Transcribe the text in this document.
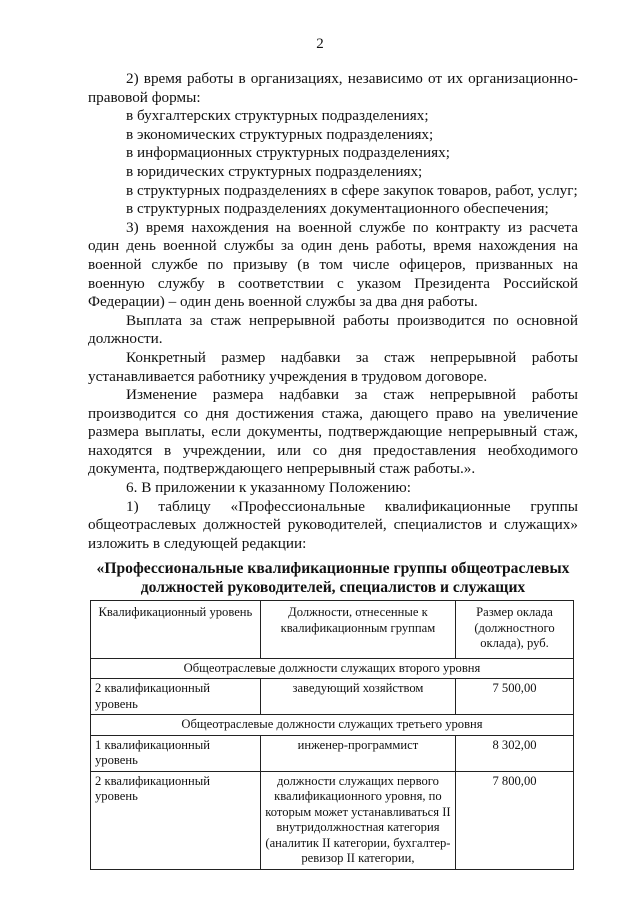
2

2) время работы в организациях, независимо от их организационно-правовой формы:

в бухгалтерских структурных подразделениях;

в экономических структурных подразделениях;

в информационных структурных подразделениях;

в юридических структурных подразделениях;

в структурных подразделениях в сфере закупок товаров, работ, услуг;

в структурных подразделениях документационного обеспечения;

3) время нахождения на военной службе по контракту из расчета один день военной службы за один день работы, время нахождения на военной службе по призыву (в том числе офицеров, призванных на военную службу в соответствии с указом Президента Российской Федерации) – один день военной службы за два дня работы.

Выплата за стаж непрерывной работы производится по основной должности.

Конкретный размер надбавки за стаж непрерывной работы устанавливается работнику учреждения в трудовом договоре.

Изменение размера надбавки за стаж непрерывной работы производится со дня достижения стажа, дающего право на увеличение размера выплаты, если документы, подтверждающие непрерывный стаж, находятся в учреждении, или со дня предоставления необходимого документа, подтверждающего непрерывный стаж работы.».

6. В приложении к указанному Положению:

1) таблицу «Профессиональные квалификационные группы общеотраслевых должностей руководителей, специалистов и служащих» изложить в следующей редакции:

«Профессиональные квалификационные группы общеотраслевых должностей руководителей, специалистов и служащих

Квалификационный уровень	Должности, отнесенные к квалификационным группам	Размер оклада (должностного оклада), руб.
Общеотраслевые должности служащих второго уровня		
2 квалификационный уровень	заведующий хозяйством	7 500,00
Общеотраслевые должности служащих третьего уровня		
1 квалификационный уровень	инженер-программист	8 302,00
2 квалификационный уровень	должности служащих первого квалификационного уровня, по которым может устанавливаться II внутридолжностная категория (аналитик II категории, бухгалтер-ревизор II категории,	7 800,00
